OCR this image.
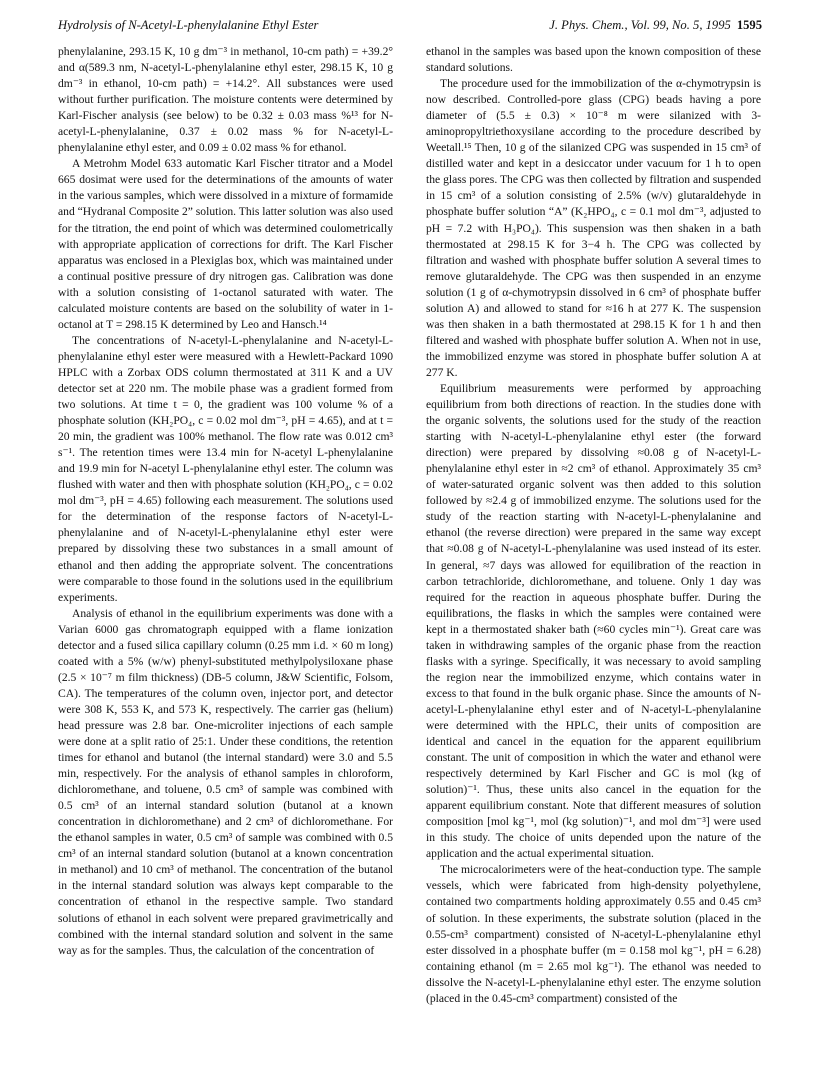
Hydrolysis of N-Acetyl-L-phenylalanine Ethyl Ester	J. Phys. Chem., Vol. 99, No. 5, 1995 1595

phenylalanine, 293.15 K, 10 g dm⁻³ in methanol, 10-cm path) = +39.2° and α(589.3 nm, N-acetyl-L-phenylalanine ethyl ester, 298.15 K, 10 g dm⁻³ in ethanol, 10-cm path) = +14.2°. All substances were used without further purification. The moisture contents were determined by Karl-Fischer analysis (see below) to be 0.32 ± 0.03 mass %¹³ for N-acetyl-L-phenylalanine, 0.37 ± 0.02 mass % for N-acetyl-L-phenylalanine ethyl ester, and 0.09 ± 0.02 mass % for ethanol.

A Metrohm Model 633 automatic Karl Fischer titrator and a Model 665 dosimat were used for the determinations of the amounts of water in the various samples, which were dissolved in a mixture of formamide and “Hydranal Composite 2” solution. This latter solution was also used for the titration, the end point of which was determined coulometrically with appropriate application of corrections for drift. The Karl Fischer apparatus was enclosed in a Plexiglas box, which was maintained under a continual positive pressure of dry nitrogen gas. Calibration was done with a solution consisting of 1-octanol saturated with water. The calculated moisture contents are based on the solubility of water in 1-octanol at T = 298.15 K determined by Leo and Hansch.¹⁴

The concentrations of N-acetyl-L-phenylalanine and N-acetyl-L-phenylalanine ethyl ester were measured with a Hewlett-Packard 1090 HPLC with a Zorbax ODS column thermostated at 311 K and a UV detector set at 220 nm. The mobile phase was a gradient formed from two solutions. At time t = 0, the gradient was 100 volume % of a phosphate solution (KH₂PO₄, c = 0.02 mol dm⁻³, pH = 4.65), and at t = 20 min, the gradient was 100% methanol. The flow rate was 0.012 cm³ s⁻¹. The retention times were 13.4 min for N-acetyl L-phenylalanine and 19.9 min for N-acetyl L-phenylalanine ethyl ester. The column was flushed with water and then with phosphate solution (KH₂PO₄, c = 0.02 mol dm⁻³, pH = 4.65) following each measurement. The solutions used for the determination of the response factors of N-acetyl-L-phenylalanine and of N-acetyl-L-phenylalanine ethyl ester were prepared by dissolving these two substances in a small amount of ethanol and then adding the appropriate solvent. The concentrations were comparable to those found in the solutions used in the equilibrium experiments.

Analysis of ethanol in the equilibrium experiments was done with a Varian 6000 gas chromatograph equipped with a flame ionization detector and a fused silica capillary column (0.25 mm i.d. × 60 m long) coated with a 5% (w/w) phenyl-substituted methylpolysiloxane phase (2.5 × 10⁻⁷ m film thickness) (DB-5 column, J&W Scientific, Folsom, CA). The temperatures of the column oven, injector port, and detector were 308 K, 553 K, and 573 K, respectively. The carrier gas (helium) head pressure was 2.8 bar. One-microliter injections of each sample were done at a split ratio of 25:1. Under these conditions, the retention times for ethanol and butanol (the internal standard) were 3.0 and 5.5 min, respectively. For the analysis of ethanol samples in chloroform, dichloromethane, and toluene, 0.5 cm³ of sample was combined with 0.5 cm³ of an internal standard solution (butanol at a known concentration in dichloromethane) and 2 cm³ of dichloromethane. For the ethanol samples in water, 0.5 cm³ of sample was combined with 0.5 cm³ of an internal standard solution (butanol at a known concentration in methanol) and 10 cm³ of methanol. The concentration of the butanol in the internal standard solution was always kept comparable to the concentration of ethanol in the respective sample. Two standard solutions of ethanol in each solvent were prepared gravimetrically and combined with the internal standard solution and solvent in the same way as for the samples. Thus, the calculation of the concentration of

ethanol in the samples was based upon the known composition of these standard solutions.

The procedure used for the immobilization of the α-chymotrypsin is now described. Controlled-pore glass (CPG) beads having a pore diameter of (5.5 ± 0.3) × 10⁻⁸ m were silanized with 3-aminopropyltriethoxysilane according to the procedure described by Weetall.¹⁵ Then, 10 g of the silanized CPG was suspended in 15 cm³ of distilled water and kept in a desiccator under vacuum for 1 h to open the glass pores. The CPG was then collected by filtration and suspended in 15 cm³ of a solution consisting of 2.5% (w/v) glutaraldehyde in phosphate buffer solution “A” (K₂HPO₄, c = 0.1 mol dm⁻³, adjusted to pH = 7.2 with H₃PO₄). This suspension was then shaken in a bath thermostated at 298.15 K for 3−4 h. The CPG was collected by filtration and washed with phosphate buffer solution A several times to remove glutaraldehyde. The CPG was then suspended in an enzyme solution (1 g of α-chymotrypsin dissolved in 6 cm³ of phosphate buffer solution A) and allowed to stand for ≈16 h at 277 K. The suspension was then shaken in a bath thermostated at 298.15 K for 1 h and then filtered and washed with phosphate buffer solution A. When not in use, the immobilized enzyme was stored in phosphate buffer solution A at 277 K.

Equilibrium measurements were performed by approaching equilibrium from both directions of reaction. In the studies done with the organic solvents, the solutions used for the study of the reaction starting with N-acetyl-L-phenylalanine ethyl ester (the forward direction) were prepared by dissolving ≈0.08 g of N-acetyl-L-phenylalanine ethyl ester in ≈2 cm³ of ethanol. Approximately 35 cm³ of water-saturated organic solvent was then added to this solution followed by ≈2.4 g of immobilized enzyme. The solutions used for the study of the reaction starting with N-acetyl-L-phenylalanine and ethanol (the reverse direction) were prepared in the same way except that ≈0.08 g of N-acetyl-L-phenylalanine was used instead of its ester. In general, ≈7 days was allowed for equilibration of the reaction in carbon tetrachloride, dichloromethane, and toluene. Only 1 day was required for the reaction in aqueous phosphate buffer. During the equilibrations, the flasks in which the samples were contained were kept in a thermostated shaker bath (≈60 cycles min⁻¹). Great care was taken in withdrawing samples of the organic phase from the reaction flasks with a syringe. Specifically, it was necessary to avoid sampling the region near the immobilized enzyme, which contains water in excess to that found in the bulk organic phase. Since the amounts of N-acetyl-L-phenylalanine ethyl ester and of N-acetyl-L-phenylalanine were determined with the HPLC, their units of composition are identical and cancel in the equation for the apparent equilibrium constant. The unit of composition in which the water and ethanol were respectively determined by Karl Fischer and GC is mol (kg of solution)⁻¹. Thus, these units also cancel in the equation for the apparent equilibrium constant. Note that different measures of solution composition [mol kg⁻¹, mol (kg solution)⁻¹, and mol dm⁻³] were used in this study. The choice of units depended upon the nature of the application and the actual experimental situation.

The microcalorimeters were of the heat-conduction type. The sample vessels, which were fabricated from high-density polyethylene, contained two compartments holding approximately 0.55 and 0.45 cm³ of solution. In these experiments, the substrate solution (placed in the 0.55-cm³ compartment) consisted of N-acetyl-L-phenylalanine ethyl ester dissolved in a phosphate buffer (m = 0.158 mol kg⁻¹, pH = 6.28) containing ethanol (m = 2.65 mol kg⁻¹). The ethanol was needed to dissolve the N-acetyl-L-phenylalanine ethyl ester. The enzyme solution (placed in the 0.45-cm³ compartment) consisted of the
